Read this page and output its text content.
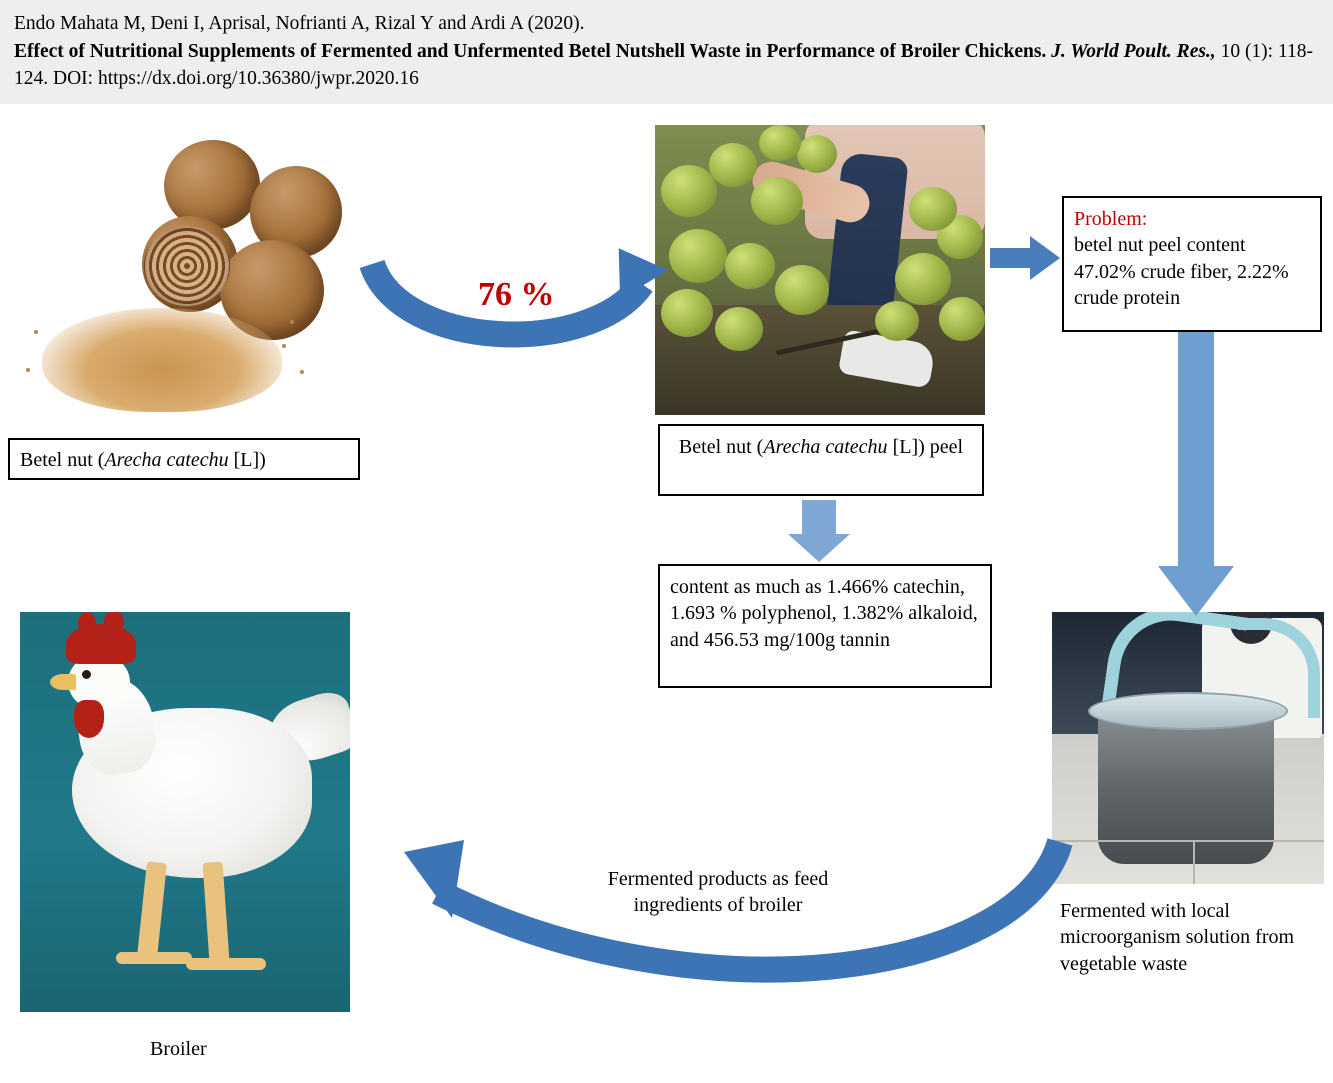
Endo Mahata M, Deni I, Aprisal, Nofrianti A, Rizal Y and Ardi A (2020).
Effect of Nutritional Supplements of Fermented and Unfermented Betel Nutshell Waste in Performance of Broiler Chickens. J. World Poult. Res., 10 (1): 118-124. DOI: https://dx.doi.org/10.36380/jwpr.2020.16
76 %
Betel nut (Arecha catechu [L])
Betel nut (Arecha catechu [L]) peel
content as much as 1.466% catechin, 1.693 % polyphenol, 1.382% alkaloid, and 456.53 mg/100g tannin
Problem:
betel nut peel content 47.02% crude fiber, 2.22% crude protein
Broiler
Fermented with local microorganism solution from vegetable waste
Fermented products as feed ingredients of broiler
